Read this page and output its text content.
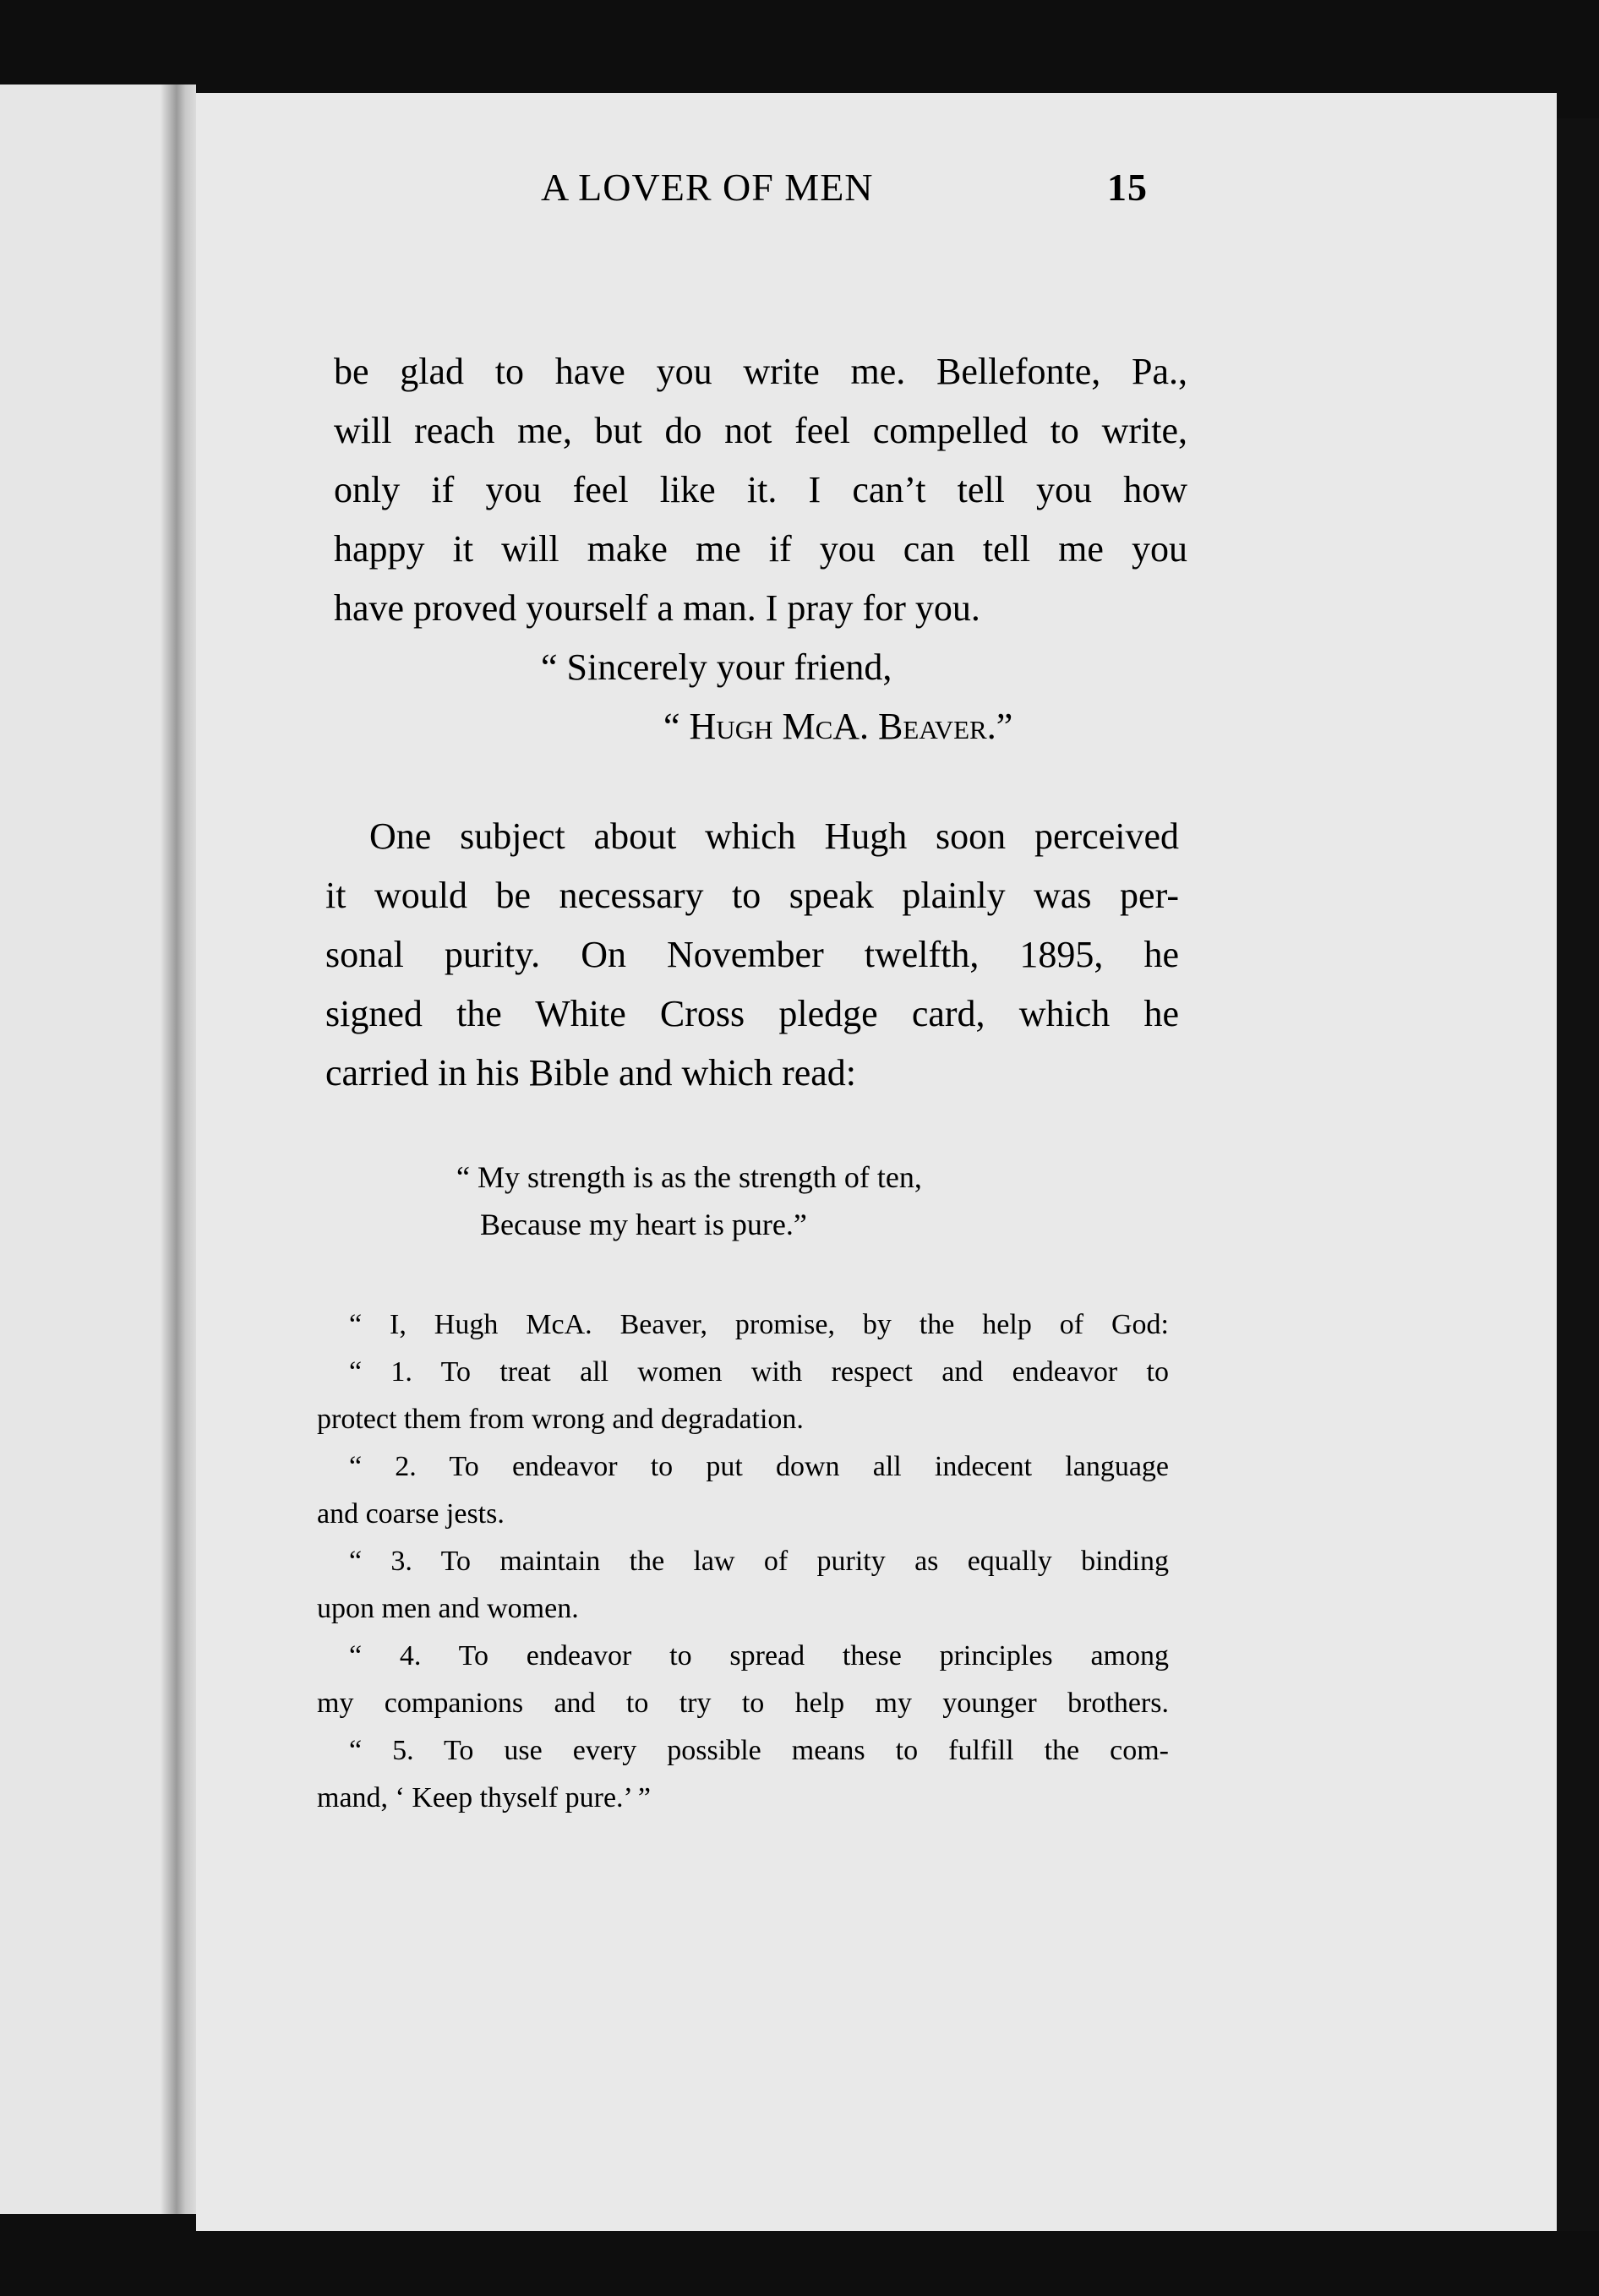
A LOVER OF MEN	15
be glad to have you write me. Bellefonte, Pa.,
will reach me, but do not feel compelled to write,
only if you feel like it. I can’t tell you how
happy it will make me if you can tell me you
have proved yourself a man. I pray for you.
“ Sincerely your friend,
“ Hugh McA. Beaver.”
One subject about which Hugh soon perceived
it would be necessary to speak plainly was per-
sonal purity. On November twelfth, 1895, he
signed the White Cross pledge card, which he
carried in his Bible and which read:
“ My strength is as the strength of ten,
Because my heart is pure.”
“ I, Hugh McA. Beaver, promise, by the help of God:
“ 1. To treat all women with respect and endeavor to
protect them from wrong and degradation.
“ 2. To endeavor to put down all indecent language
and coarse jests.
“ 3. To maintain the law of purity as equally binding
upon men and women.
“ 4. To endeavor to spread these principles among
my companions and to try to help my younger brothers.
“ 5. To use every possible means to fulfill the com-
mand, ‘ Keep thyself pure.’ ”
